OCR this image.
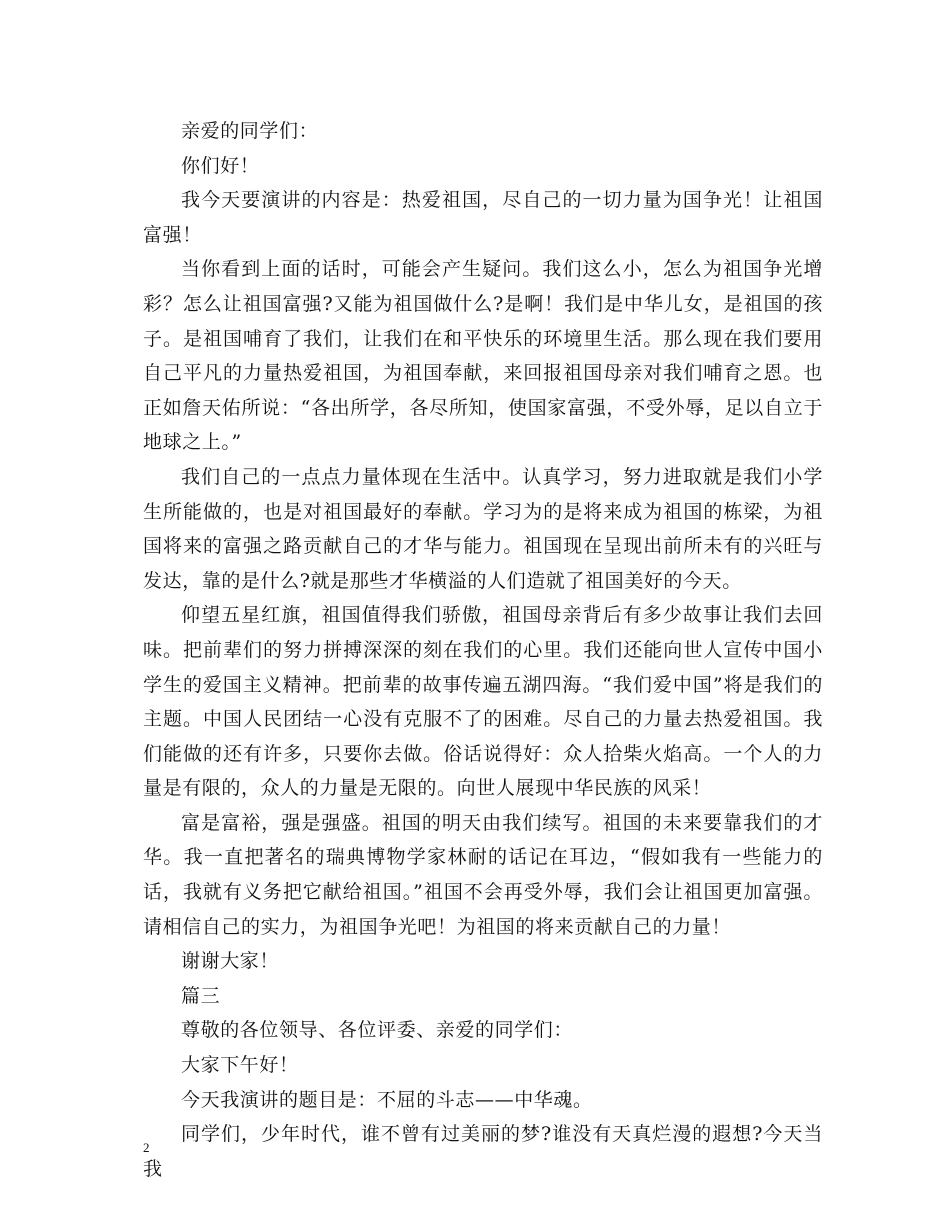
亲爱的同学们：

你们好！

我今天要演讲的内容是：热爱祖国，尽自己的一切力量为国争光！让祖国富强！

当你看到上面的话时，可能会产生疑问。我们这么小，怎么为祖国争光增彩？怎么让祖国富强?又能为祖国做什么?是啊！我们是中华儿女，是祖国的孩子。是祖国哺育了我们，让我们在和平快乐的环境里生活。那么现在我们要用自己平凡的力量热爱祖国，为祖国奉献，来回报祖国母亲对我们哺育之恩。也正如詹天佑所说：“各出所学，各尽所知，使国家富强，不受外辱，足以自立于地球之上。”

我们自己的一点点力量体现在生活中。认真学习，努力进取就是我们小学生所能做的，也是对祖国最好的奉献。学习为的是将来成为祖国的栋梁，为祖国将来的富强之路贡献自己的才华与能力。祖国现在呈现出前所未有的兴旺与发达，靠的是什么?就是那些才华横溢的人们造就了祖国美好的今天。

仰望五星红旗，祖国值得我们骄傲，祖国母亲背后有多少故事让我们去回味。把前辈们的努力拼搏深深的刻在我们的心里。我们还能向世人宣传中国小学生的爱国主义精神。把前辈的故事传遍五湖四海。“我们爱中国”将是我们的主题。中国人民团结一心没有克服不了的困难。尽自己的力量去热爱祖国。我们能做的还有许多，只要你去做。俗话说得好：众人拾柴火焰高。一个人的力量是有限的，众人的力量是无限的。向世人展现中华民族的风采！

富是富裕，强是强盛。祖国的明天由我们续写。祖国的未来要靠我们的才华。我一直把著名的瑞典博物学家林耐的话记在耳边，“假如我有一些能力的话，我就有义务把它献给祖国。”祖国不会再受外辱，我们会让祖国更加富强。请相信自己的实力，为祖国争光吧！为祖国的将来贡献自己的力量！

谢谢大家！

篇三

尊敬的各位领导、各位评委、亲爱的同学们：

大家下午好！

今天我演讲的题目是：不屈的斗志——中华魂。

同学们，少年时代，谁不曾有过美丽的梦?谁没有天真烂漫的遐想?今天当我

2
